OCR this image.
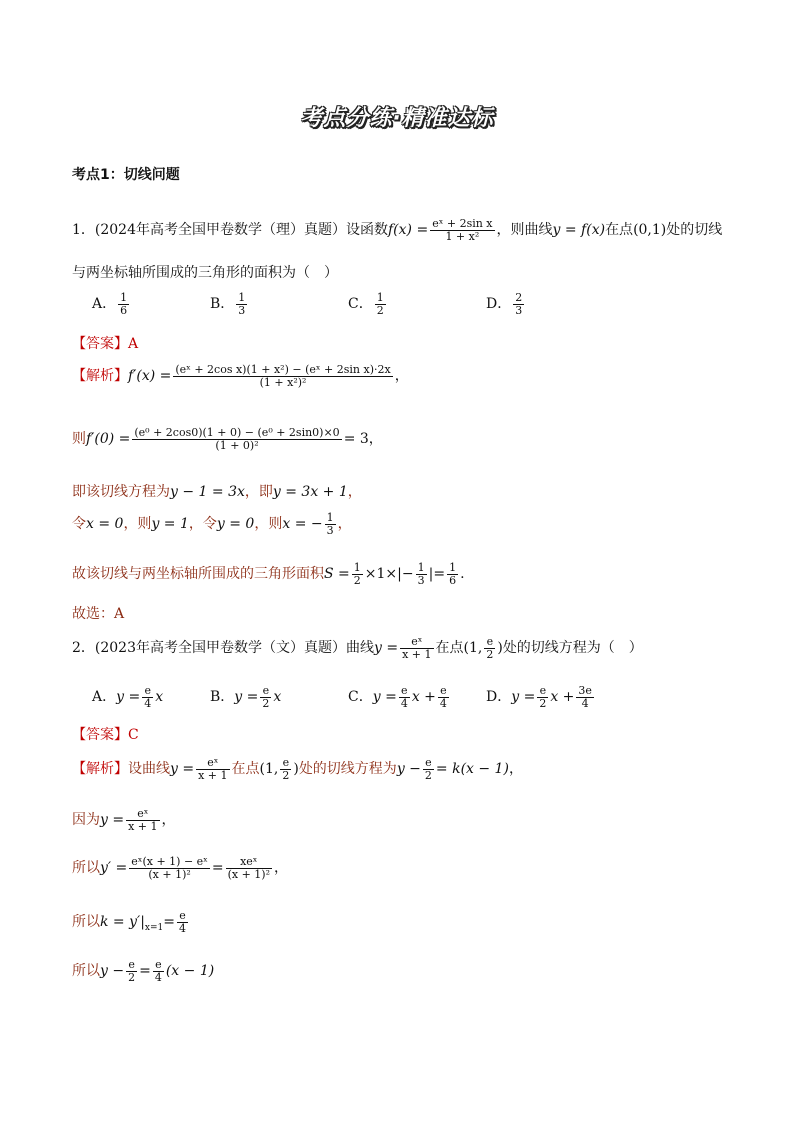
考点分练·精准达标
考点1：切线问题
1．(2024年高考全国甲卷数学（理）真题）设函数$f(x) = \frac{\text{eˣ + 2sin x}}{\text{1 + x²}}$ ，则曲线y = f(x)在点(0,1)处的切线
与两坐标轴所围成的三角形的面积为（　）
A． $\frac{1}{6}$	B． $\frac{1}{3}$	C． $\frac{1}{2}$	D． $\frac{2}{3}$
【答案】A
【解析】$f'(x) = \frac{\text{(eˣ + 2cos x)(1 + x²) − (eˣ + 2sin x)·2x}}{\text{(1 + x²)²}}$ ，
则$f'(0) = \frac{\text{(e⁰ + 2cos0)(1 + 0) − (e⁰ + 2sin0)×0}}{\text{(1 + 0)²}} = 3$，
即该切线方程为y − 1 = 3x，即y = 3x + 1，
令x = 0，则y = 1，令y = 0，则x = − $\frac{1}{3}$ ，
故该切线与两坐标轴所围成的三角形面积$S = \frac{1}{2} \times 1\times|- \frac{1}{3}$ |= $\frac{1}{6}$ .
故选：A
2．(2023年高考全国甲卷数学（文）真题）曲线$y = \frac{\text{eˣ}}{x + 1}$ 在点(1, $\frac{e}{2}$ )处的切线方程为（　）
A．$y = \frac{e}{4}$ x	B．$y = \frac{e}{2}$ x	C．$y = \frac{e}{4}$ $x + \frac{e}{4}$	D．$y = \frac{e}{2}$ $x + \frac{3e}{4}$
【答案】C
【解析】设曲线$y = \frac{\text{eˣ}}{x + 1}$ 在点(1, $\frac{e}{2}$ )处的切线方程为$y - \frac{e}{2} = k(x - 1)$，
因为$y = \frac{\text{eˣ}}{x + 1}$ ，
所以$y' = \frac{\text{eˣ(x + 1) − eˣ}}{\text{(x + 1)²}} = \frac{\text{xeˣ}}{\text{(x + 1)²}}$ ，
所以$k = y'|_{x=1}= \frac{e}{4}$
所以$y - \frac{e}{2} = \frac{e}{4} (x - 1)$
